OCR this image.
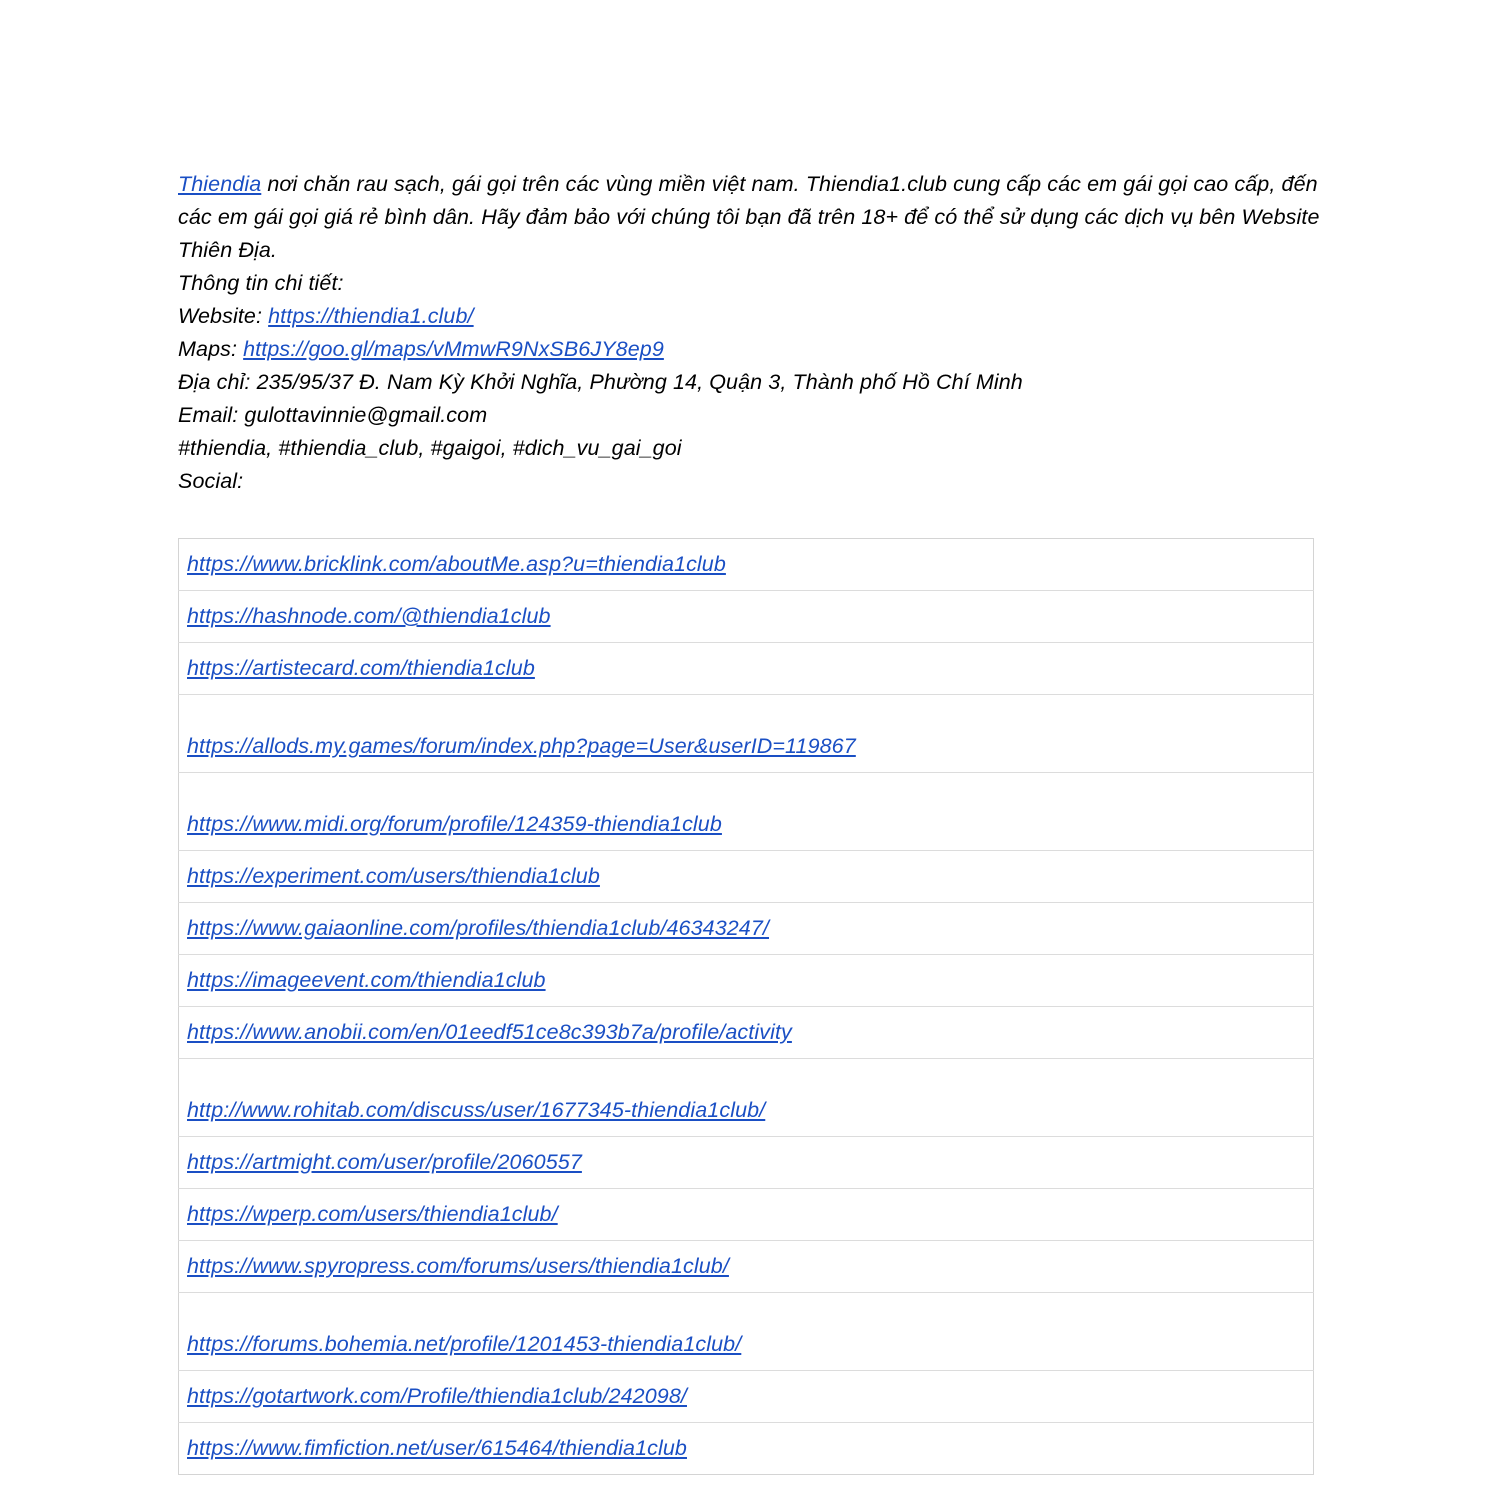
Thiendia nơi chăn rau sạch, gái gọi trên các vùng miền việt nam. Thiendia1.club cung cấp các em gái gọi cao cấp, đến các em gái gọi giá rẻ bình dân. Hãy đảm bảo với chúng tôi bạn đã trên 18+ để có thể sử dụng các dịch vụ bên Website Thiên Địa.

Thông tin chi tiết:
Website: https://thiendia1.club/
Maps: https://goo.gl/maps/vMmwR9NxSB6JY8ep9
Địa chỉ: 235/95/37 Đ. Nam Kỳ Khởi Nghĩa, Phường 14, Quận 3, Thành phố Hồ Chí Minh
Email: gulottavinnie@gmail.com
#thiendia, #thiendia_club, #gaigoi, #dich_vu_gai_goi
Social:
https://www.bricklink.com/aboutMe.asp?u=thiendia1club
https://hashnode.com/@thiendia1club
https://artistecard.com/thiendia1club
https://allods.my.games/forum/index.php?page=User&userID=119867
https://www.midi.org/forum/profile/124359-thiendia1club
https://experiment.com/users/thiendia1club
https://www.gaiaonline.com/profiles/thiendia1club/46343247/
https://imageevent.com/thiendia1club
https://www.anobii.com/en/01eedf51ce8c393b7a/profile/activity
http://www.rohitab.com/discuss/user/1677345-thiendia1club/
https://artmight.com/user/profile/2060557
https://wperp.com/users/thiendia1club/
https://www.spyropress.com/forums/users/thiendia1club/
https://forums.bohemia.net/profile/1201453-thiendia1club/
https://gotartwork.com/Profile/thiendia1club/242098/
https://www.fimfiction.net/user/615464/thiendia1club
